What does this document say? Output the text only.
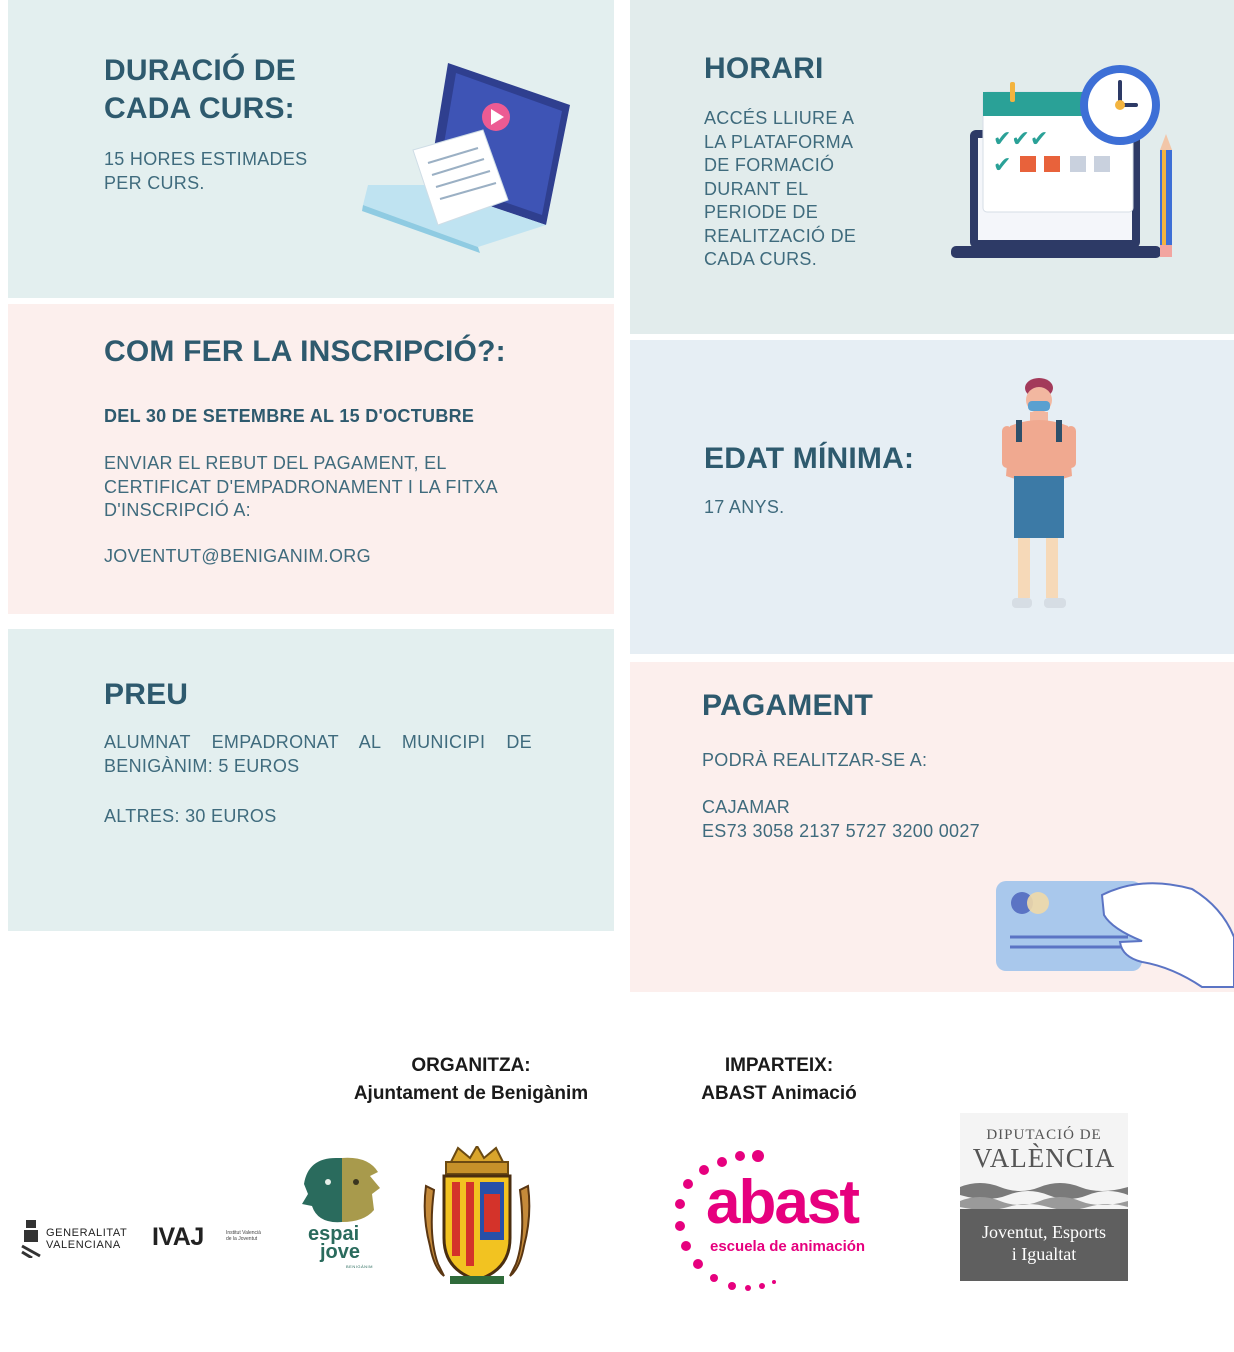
DURACIÓ DE
CADA CURS:

15 HORES ESTIMADES
PER CURS.

HORARI

ACCÉS LLIURE A
LA PLATAFORMA
DE FORMACIÓ
DURANT EL
PERIODE DE
REALITZACIÓ DE
CADA CURS.

✔✔✔
✔
COM FER LA INSCRIPCIÓ?:

DEL 30 DE SETEMBRE AL 15 D'OCTUBRE

ENVIAR EL REBUT DEL PAGAMENT, EL
CERTIFICAT D'EMPADRONAMENT I LA FITXA
D'INSCRIPCIÓ A:

JOVENTUT@BENIGANIM.ORG

EDAT MÍNIMA:

17 ANYS.

PREU

ALUMNAT EMPADRONAT AL MUNICIPI DE BENIGÀNIM: 5 EUROS

ALTRES: 30 EUROS

PAGAMENT

PODRÀ REALITZAR-SE A:

CAJAMAR
ES73 3058 2137 5727 3200 0027

ORGANITZA:
Ajuntament de Benigànim
IMPARTEIX:
ABAST Animació
GENERALITAT
VALENCIANA IVAJ	Institut Valencià
de la Joventut	espai
jove
BENIGÀNIM
abast
escuela de animación
DIPUTACIÓ DE
VALÈNCIA
Joventut, Esports
i Igualtat
